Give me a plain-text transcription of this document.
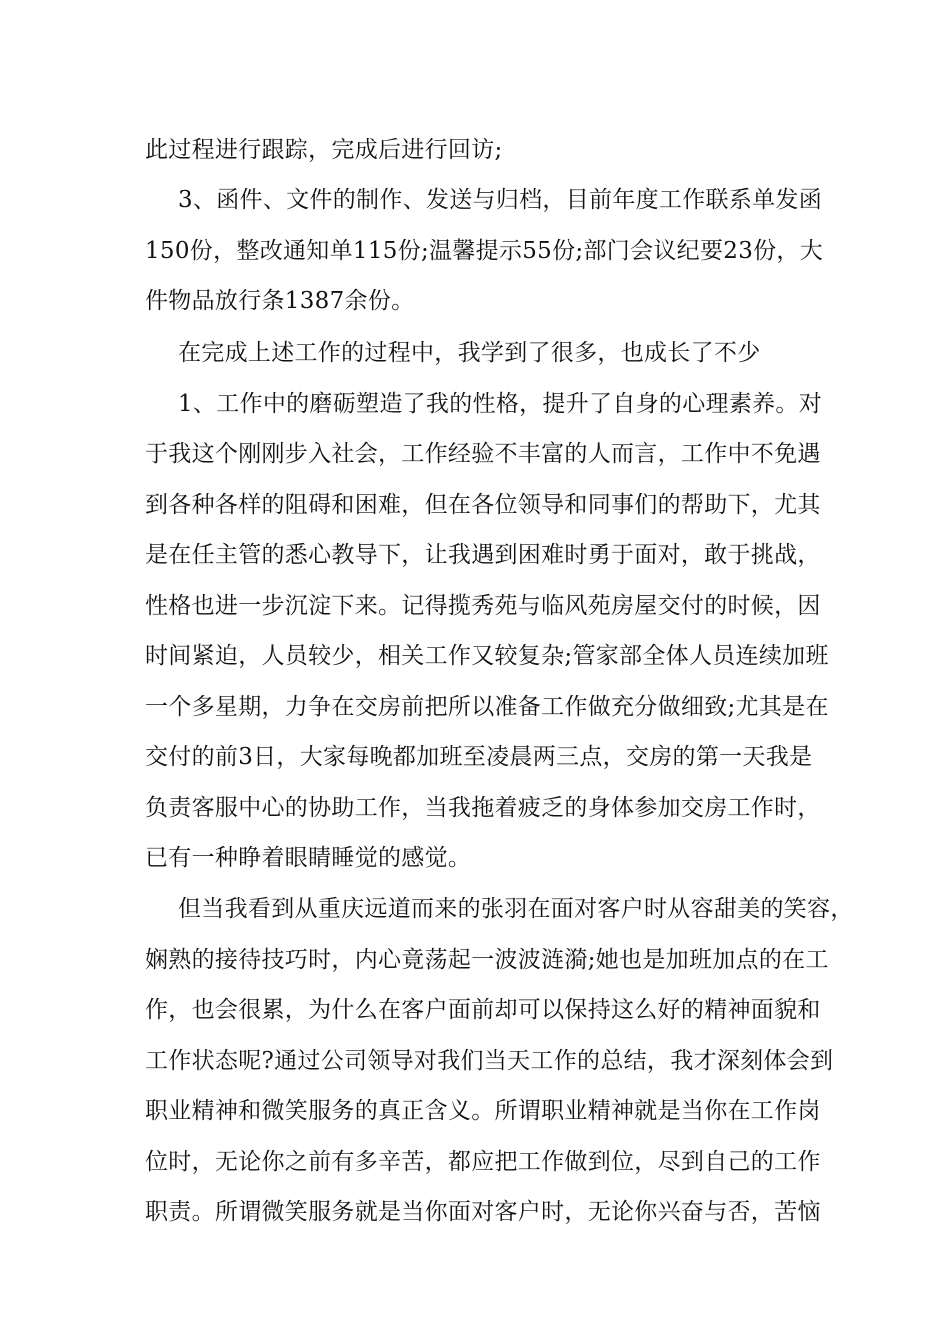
此过程进行跟踪，完成后进行回访;
3、函件、文件的制作、发送与归档，目前年度工作联系单发函
150份，整改通知单115份;温馨提示55份;部门会议纪要23份，大
件物品放行条1387余份。
在完成上述工作的过程中，我学到了很多，也成长了不少
1、工作中的磨砺塑造了我的性格，提升了自身的心理素养。对
于我这个刚刚步入社会，工作经验不丰富的人而言，工作中不免遇
到各种各样的阻碍和困难，但在各位领导和同事们的帮助下，尤其
是在任主管的悉心教导下，让我遇到困难时勇于面对，敢于挑战，
性格也进一步沉淀下来。记得揽秀苑与临风苑房屋交付的时候，因
时间紧迫，人员较少，相关工作又较复杂;管家部全体人员连续加班
一个多星期，力争在交房前把所以准备工作做充分做细致;尤其是在
交付的前3日，大家每晚都加班至凌晨两三点，交房的第一天我是
负责客服中心的协助工作，当我拖着疲乏的身体参加交房工作时，
已有一种睁着眼睛睡觉的感觉。
但当我看到从重庆远道而来的张羽在面对客户时从容甜美的笑容，
娴熟的接待技巧时，内心竟荡起一波波涟漪;她也是加班加点的在工
作，也会很累，为什么在客户面前却可以保持这么好的精神面貌和
工作状态呢?通过公司领导对我们当天工作的总结，我才深刻体会到
职业精神和微笑服务的真正含义。所谓职业精神就是当你在工作岗
位时，无论你之前有多辛苦，都应把工作做到位，尽到自己的工作
职责。所谓微笑服务就是当你面对客户时，无论你兴奋与否，苦恼
